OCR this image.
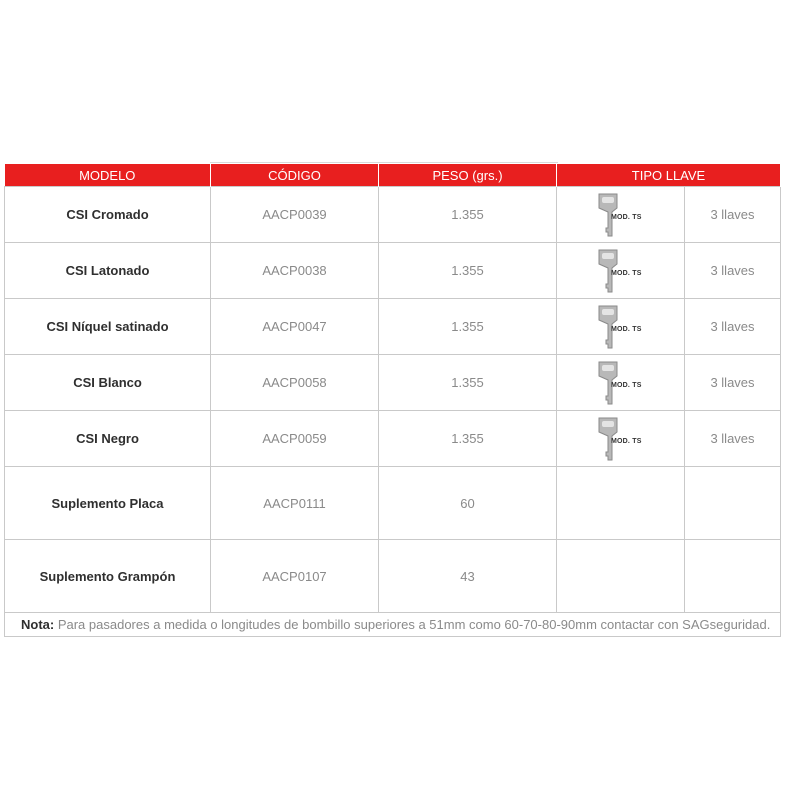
MODELO	CÓDIGO	PESO (grs.)	TIPO LLAVE	
CSI Cromado	AACP0039	1.355	MOD. TS	3 llaves
CSI Latonado	AACP0038	1.355	MOD. TS	3 llaves
CSI Níquel satinado	AACP0047	1.355	MOD. TS	3 llaves
CSI Blanco	AACP0058	1.355	MOD. TS	3 llaves
CSI Negro	AACP0059	1.355	MOD. TS	3 llaves
Suplemento Placa	AACP0111	60		
Suplemento Grampón	AACP0107	43		
Nota: Para pasadores a medida o longitudes de bombillo superiores a 51mm como 60-70-80-90mm contactar con SAGseguridad.				
